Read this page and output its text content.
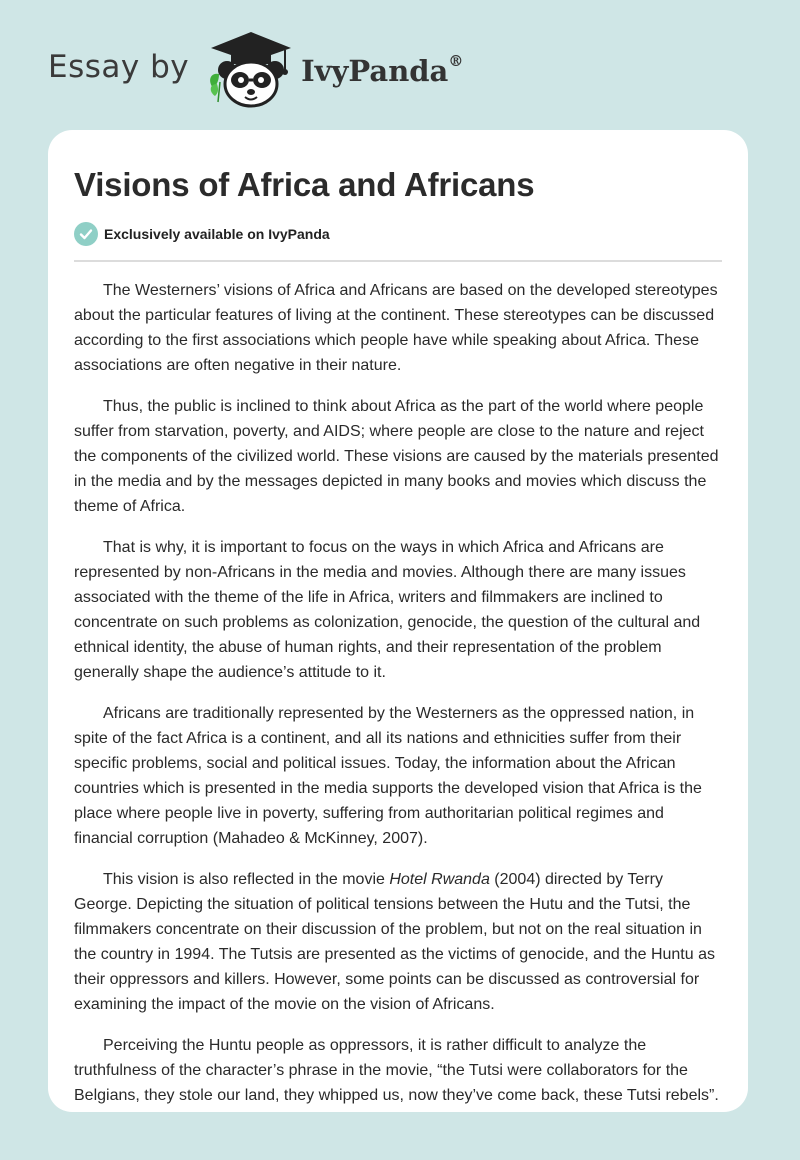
Essay by	IvyPanda®
Visions of Africa and Africans
Exclusively available on IvyPanda

The Westerners’ visions of Africa and Africans are based on the developed stereotypes about the particular features of living at the continent. These stereotypes can be discussed according to the first associations which people have while speaking about Africa. These associations are often negative in their nature.

Thus, the public is inclined to think about Africa as the part of the world where people suffer from starvation, poverty, and AIDS; where people are close to the nature and reject the components of the civilized world. These visions are caused by the materials presented in the media and by the messages depicted in many books and movies which discuss the theme of Africa.

That is why, it is important to focus on the ways in which Africa and Africans are represented by non-Africans in the media and movies. Although there are many issues associated with the theme of the life in Africa, writers and filmmakers are inclined to concentrate on such problems as colonization, genocide, the question of the cultural and ethnical identity, the abuse of human rights, and their representation of the problem generally shape the audience’s attitude to it.

Africans are traditionally represented by the Westerners as the oppressed nation, in spite of the fact Africa is a continent, and all its nations and ethnicities suffer from their specific problems, social and political issues. Today, the information about the African countries which is presented in the media supports the developed vision that Africa is the place where people live in poverty, suffering from authoritarian political regimes and financial corruption (Mahadeo & McKinney, 2007).

This vision is also reflected in the movie Hotel Rwanda (2004) directed by Terry George. Depicting the situation of political tensions between the Hutu and the Tutsi, the filmmakers concentrate on their discussion of the problem, but not on the real situation in the country in 1994. The Tutsis are presented as the victims of genocide, and the Huntu as their oppressors and killers. However, some points can be discussed as controversial for examining the impact of the movie on the vision of Africans.

Perceiving the Huntu people as oppressors, it is rather difficult to analyze the truthfulness of the character’s phrase in the movie, “the Tutsi were collaborators for the Belgians, they stole our land, they whipped us, now they’ve come back, these Tutsi rebels”.
